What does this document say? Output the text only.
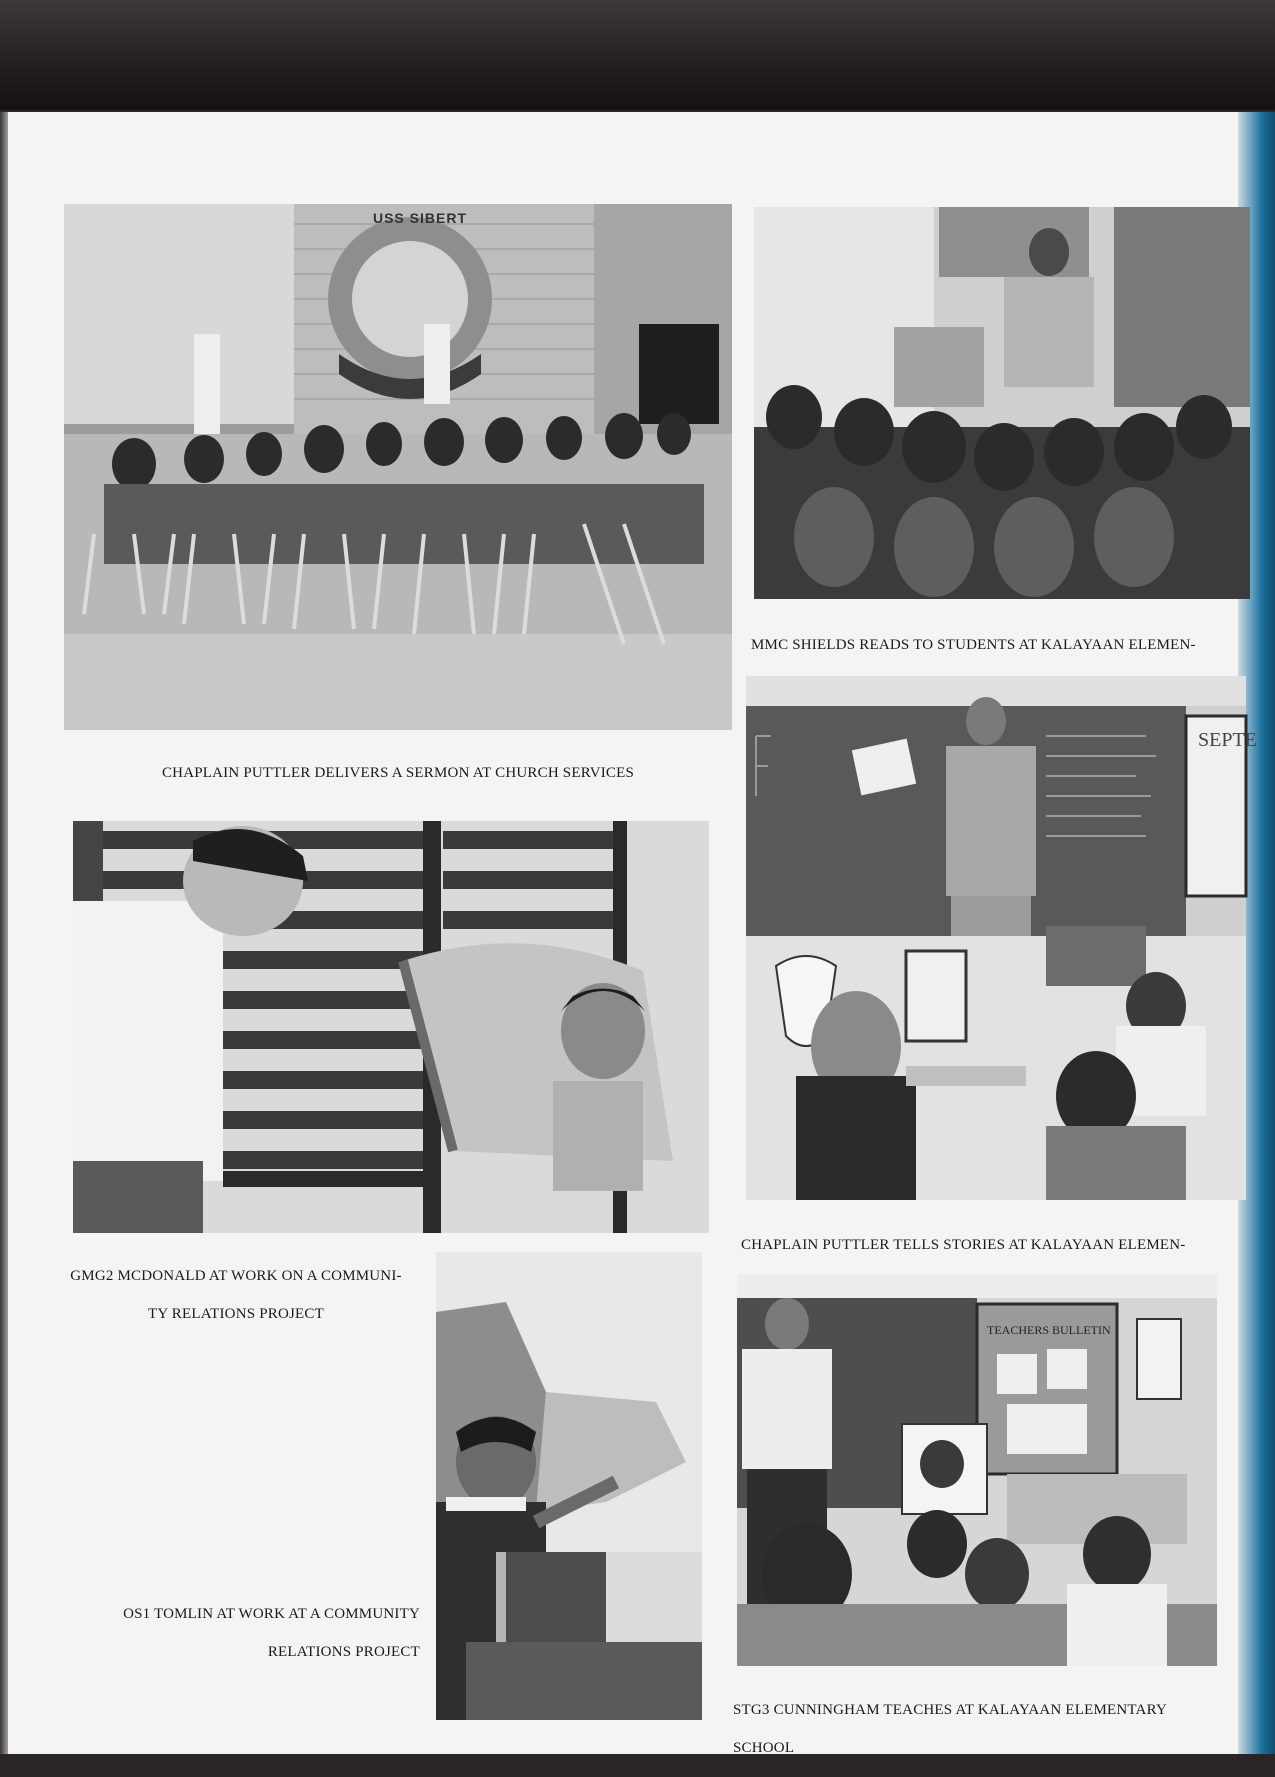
MMC SHIELDS READS TO STUDENTS AT KALAYAAN ELEMEN-

CHAPLAIN PUTTLER DELIVERS A SERMON AT CHURCH SERVICES

GMG2 MCDONALD AT WORK ON A COMMUNI-

TY RELATIONS PROJECT

SEPTE

CHAPLAIN PUTTLER TELLS STORIES AT KALAYAAN ELEMEN-

OS1 TOMLIN AT WORK AT A COMMUNITY

RELATIONS PROJECT

TEACHERS BULLETIN

STG3 CUNNINGHAM TEACHES AT KALAYAAN ELEMENTARY

SCHOOL

USS SIBERT
